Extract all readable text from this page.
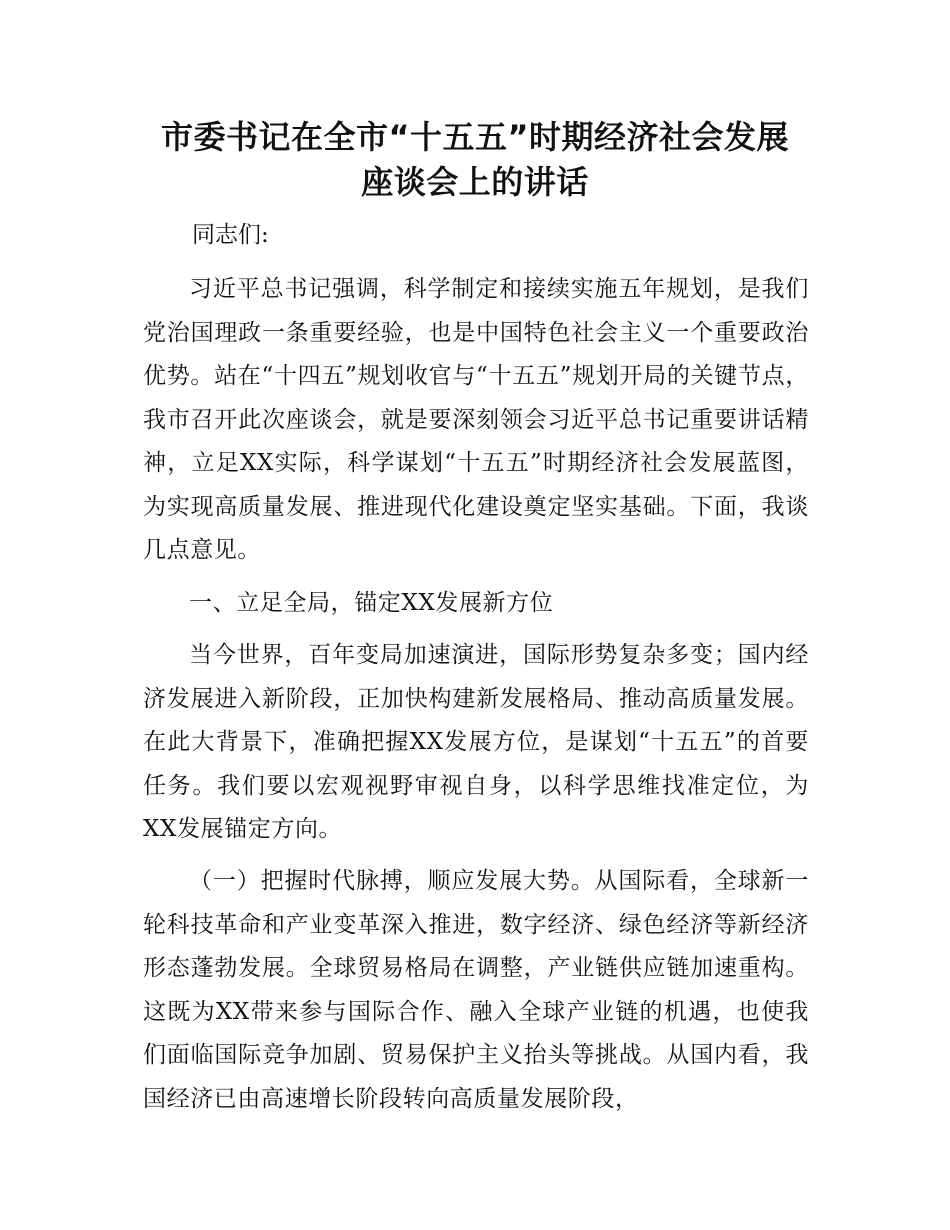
市委书记在全市“十五五”时期经济社会发展
座谈会上的讲话

同志们:

习近平总书记强调，科学制定和接续实施五年规划，是我们党治国理政一条重要经验，也是中国特色社会主义一个重要政治优势。站在“十四五”规划收官与“十五五”规划开局的关键节点，我市召开此次座谈会，就是要深刻领会习近平总书记重要讲话精神，立足XX实际，科学谋划“十五五”时期经济社会发展蓝图，为实现高质量发展、推进现代化建设奠定坚实基础。下面，我谈几点意见。

一、立足全局，锚定XX发展新方位

当今世界，百年变局加速演进，国际形势复杂多变；国内经济发展进入新阶段，正加快构建新发展格局、推动高质量发展。在此大背景下，准确把握XX发展方位，是谋划“十五五”的首要任务。我们要以宏观视野审视自身，以科学思维找准定位，为XX发展锚定方向。

（一）把握时代脉搏，顺应发展大势。从国际看，全球新一轮科技革命和产业变革深入推进，数字经济、绿色经济等新经济形态蓬勃发展。全球贸易格局在调整，产业链供应链加速重构。这既为XX带来参与国际合作、融入全球产业链的机遇，也使我们面临国际竞争加剧、贸易保护主义抬头等挑战。从国内看，我国经济已由高速增长阶段转向高质量发展阶段，
